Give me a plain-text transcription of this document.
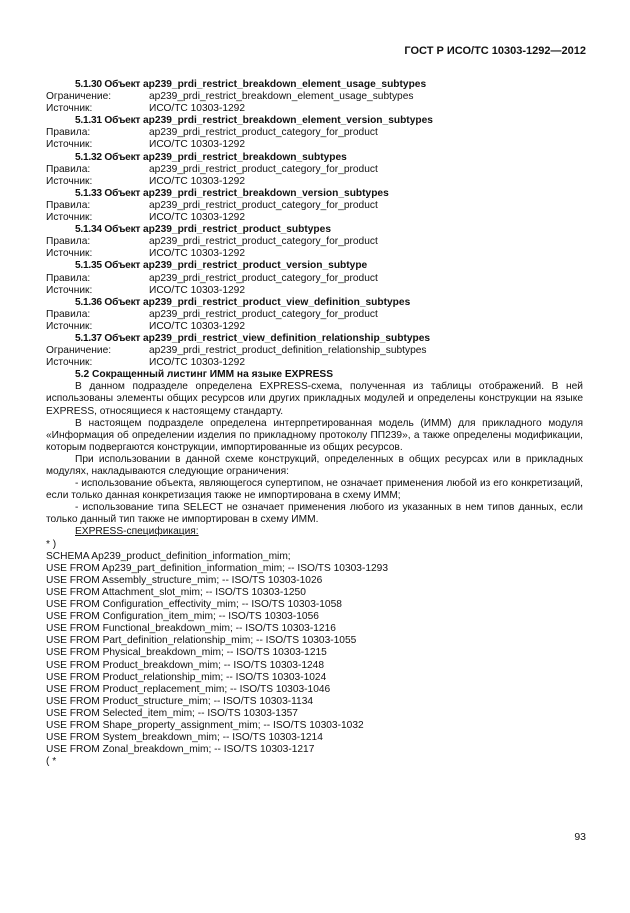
ГОСТ Р ИСО/ТС 10303-1292—2012
5.1.30 Объект ap239_prdi_restrict_breakdown_element_usage_subtypes
Ограничение:	ap239_prdi_restrict_breakdown_element_usage_subtypes
Источник:	ИСО/ТС 10303-1292
5.1.31 Объект ap239_prdi_restrict_breakdown_element_version_subtypes
Правила:	ap239_prdi_restrict_product_category_for_product
Источник:	ИСО/ТС 10303-1292
5.1.32 Объект ap239_prdi_restrict_breakdown_subtypes
Правила:	ap239_prdi_restrict_product_category_for_product
Источник:	ИСО/ТС 10303-1292
5.1.33 Объект ap239_prdi_restrict_breakdown_version_subtypes
Правила:	ap239_prdi_restrict_product_category_for_product
Источник:	ИСО/ТС 10303-1292
5.1.34 Объект ap239_prdi_restrict_product_subtypes
Правила:	ap239_prdi_restrict_product_category_for_product
Источник:	ИСО/ТС 10303-1292
5.1.35 Объект ap239_prdi_restrict_product_version_subtype
Правила:	ap239_prdi_restrict_product_category_for_product
Источник:	ИСО/ТС 10303-1292
5.1.36 Объект ap239_prdi_restrict_product_view_definition_subtypes
Правила:	ap239_prdi_restrict_product_category_for_product
Источник:	ИСО/ТС 10303-1292
5.1.37 Объект ap239_prdi_restrict_view_definition_relationship_subtypes
Ограничение:	ap239_prdi_restrict_product_definition_relationship_subtypes
Источник:	ИСО/ТС 10303-1292
5.2 Сокращенный листинг ИММ на языке EXPRESS

В данном подразделе определена EXPRESS-схема, полученная из таблицы отображений. В ней использованы элементы общих ресурсов или других прикладных модулей и определены конструкции на языке EXPRESS, относящиеся к настоящему стандарту.

В настоящем подразделе определена интерпретированная модель (ИММ) для прикладного модуля «Информация об определении изделия по прикладному протоколу ПП239», а также определены модификации, которым подвергаются конструкции, импортированные из общих ресурсов.

При использовании в данной схеме конструкций, определенных в общих ресурсах или в прикладных модулях, накладываются следующие ограничения:

- использование объекта, являющегося супертипом, не означает применения любой из его конкретизаций, если только данная конкретизация также не импортирована в схему ИММ;

- использование типа SELECT не означает применения любого из указанных в нем типов данных, если только данный тип также не импортирован в схему ИММ.

EXPRESS-спецификация:
* )
SCHEMA Ap239_product_definition_information_mim;
USE FROM Ap239_part_definition_information_mim; -- ISO/TS 10303-1293
USE FROM Assembly_structure_mim; -- ISO/TS 10303-1026
USE FROM Attachment_slot_mim; -- ISO/TS 10303-1250
USE FROM Configuration_effectivity_mim; -- ISO/TS 10303-1058
USE FROM Configuration_item_mim; -- ISO/TS 10303-1056
USE FROM Functional_breakdown_mim; -- ISO/TS 10303-1216
USE FROM Part_definition_relationship_mim; -- ISO/TS 10303-1055
USE FROM Physical_breakdown_mim; -- ISO/TS 10303-1215
USE FROM Product_breakdown_mim; -- ISO/TS 10303-1248
USE FROM Product_relationship_mim; -- ISO/TS 10303-1024
USE FROM Product_replacement_mim; -- ISO/TS 10303-1046
USE FROM Product_structure_mim; -- ISO/TS 10303-1134
USE FROM Selected_item_mim; -- ISO/TS 10303-1357
USE FROM Shape_property_assignment_mim; -- ISO/TS 10303-1032
USE FROM System_breakdown_mim; -- ISO/TS 10303-1214
USE FROM Zonal_breakdown_mim; -- ISO/TS 10303-1217
( *
93
